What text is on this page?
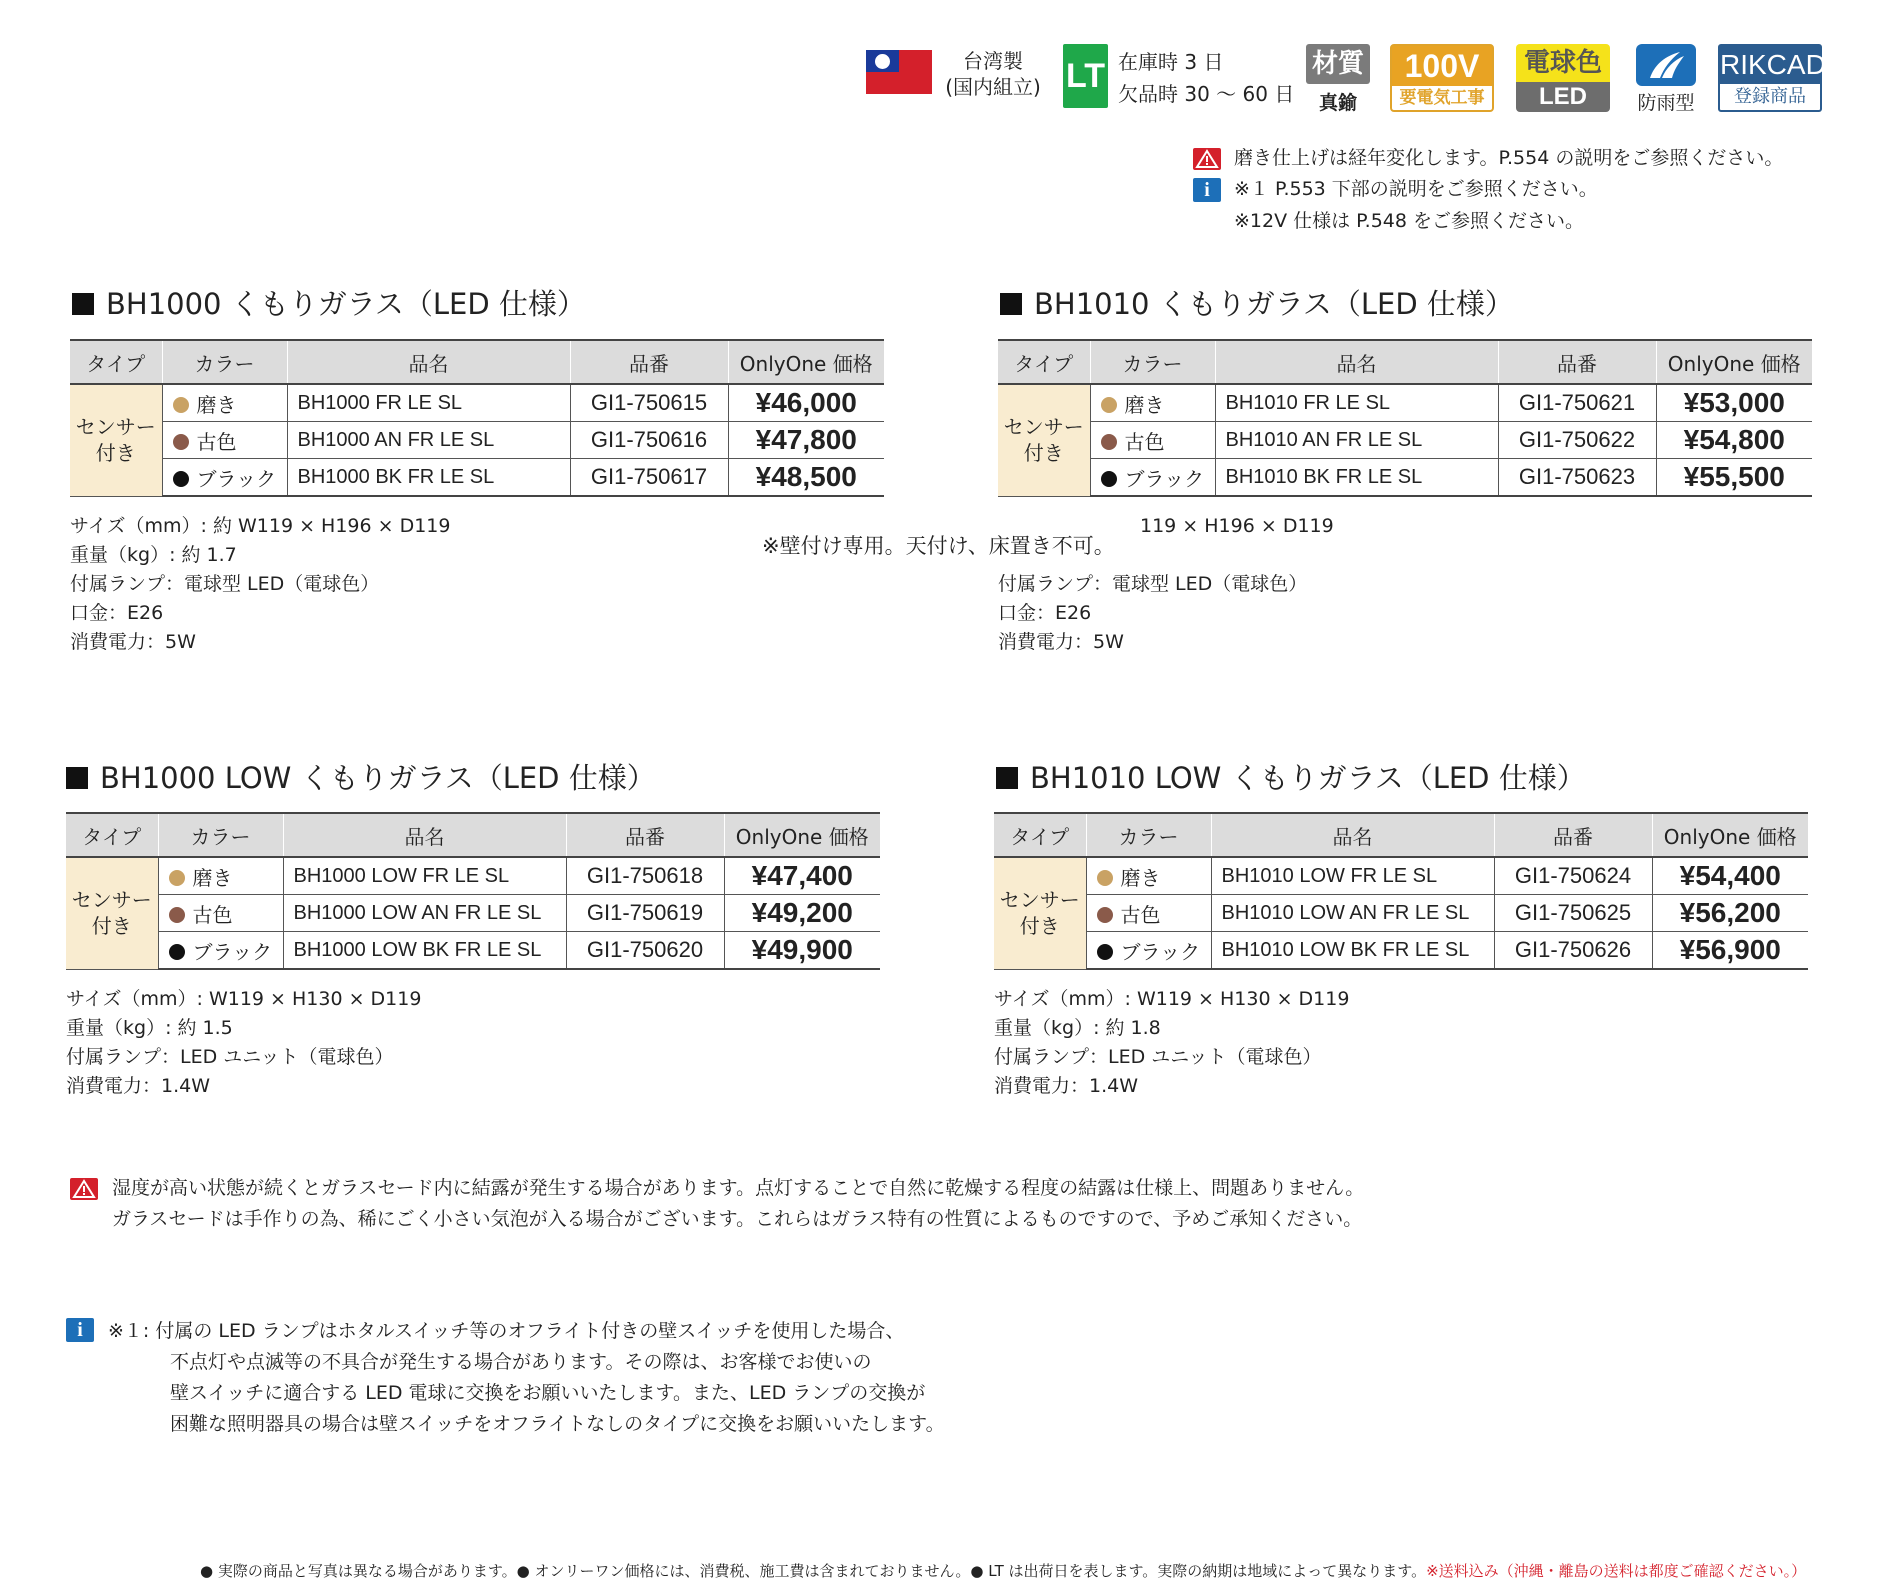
台湾製
(国内組立) LT 在庫時 3 日
欠品時 30 〜 60 日
材質
真鍮
100V
要電気工事
電球色
LED	防雨型
RIKCAD
登録商品
磨き仕上げは経年変化します。P.554 の説明をご参照ください。
i	※１ P.553 下部の説明をご参照ください。
※12V 仕様は P.548 をご参照ください。
BH1000 くもりガラス（LED 仕様）
タイプ	カラー	品名	品番	OnlyOne 価格

センサー
付き	磨き	BH1000 FR LE SL	GI1-750615	¥46,000
	古色	BH1000 AN FR LE SL	GI1-750616	¥47,800
	ブラック	BH1000 BK FR LE SL	GI1-750617	¥48,500
サイズ（mm）: 約 W119 × H196 × D119
重量（kg）: 約 1.7
付属ランプ：電球型 LED（電球色）
口金：E26
消費電力：5W
※壁付け専用。天付け、床置き不可。
BH1010 くもりガラス（LED 仕様）
タイプ	カラー	品名	品番	OnlyOne 価格

センサー
付き	磨き	BH1010 FR LE SL	GI1-750621	¥53,000
	古色	BH1010 AN FR LE SL	GI1-750622	¥54,800
	ブラック	BH1010 BK FR LE SL	GI1-750623	¥55,500
119 × H196 × D119
付属ランプ：電球型 LED（電球色）
口金：E26
消費電力：5W
BH1000 LOW くもりガラス（LED 仕様）
タイプ	カラー	品名	品番	OnlyOne 価格

センサー
付き	磨き	BH1000 LOW FR LE SL	GI1-750618	¥47,400
	古色	BH1000 LOW AN FR LE SL	GI1-750619	¥49,200
	ブラック	BH1000 LOW BK FR LE SL	GI1-750620	¥49,900
サイズ（mm）: W119 × H130 × D119
重量（kg）: 約 1.5
付属ランプ：LED ユニット（電球色）
消費電力：1.4W
BH1010 LOW くもりガラス（LED 仕様）
タイプ	カラー	品名	品番	OnlyOne 価格

センサー
付き	磨き	BH1010 LOW FR LE SL	GI1-750624	¥54,400
	古色	BH1010 LOW AN FR LE SL	GI1-750625	¥56,200
	ブラック	BH1010 LOW BK FR LE SL	GI1-750626	¥56,900
サイズ（mm）: W119 × H130 × D119
重量（kg）: 約 1.8
付属ランプ：LED ユニット（電球色）
消費電力：1.4W
湿度が高い状態が続くとガラスセード内に結露が発生する場合があります。点灯することで自然に乾燥する程度の結露は仕様上、問題ありません。
ガラスセードは手作りの為、稀にごく小さい気泡が入る場合がございます。これらはガラス特有の性質によるものですので、予めご承知ください。
i	※１: 付属の LED ランプはホタルスイッチ等のオフライト付きの壁スイッチを使用した場合、
不点灯や点滅等の不具合が発生する場合があります。その際は、お客様でお使いの
壁スイッチに適合する LED 電球に交換をお願いいたします。また、LED ランプの交換が
困難な照明器具の場合は壁スイッチをオフライトなしのタイプに交換をお願いいたします。
● 実際の商品と写真は異なる場合があります。● オンリーワン価格には、消費税、施工費は含まれておりません。● LT は出荷日を表します。実際の納期は地域によって異なります。※送料込み（沖縄・離島の送料は都度ご確認ください。）
